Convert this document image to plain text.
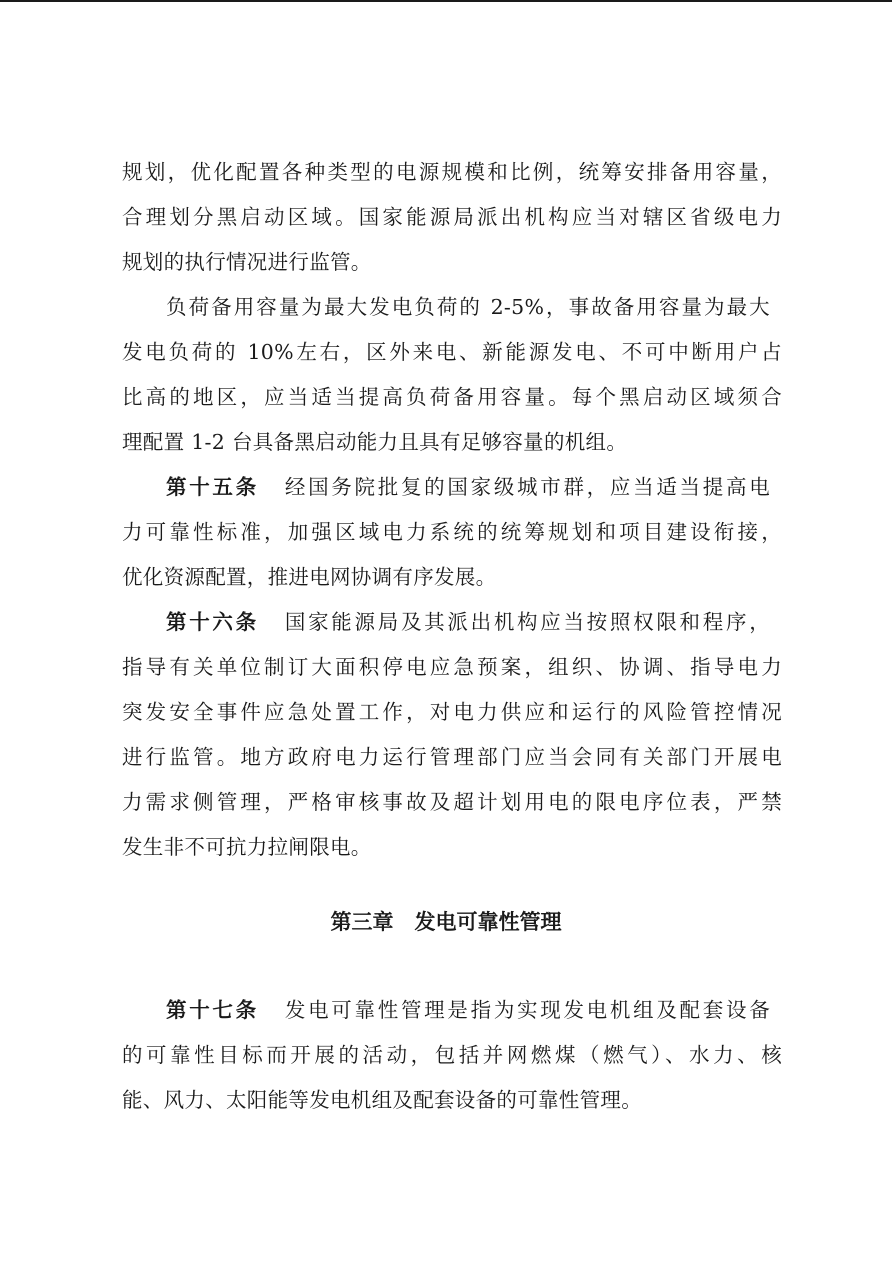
规划，优化配置各种类型的电源规模和比例，统筹安排备用容量，
合理划分黑启动区域。国家能源局派出机构应当对辖区省级电力
规划的执行情况进行监管。
负荷备用容量为最大发电负荷的 2-5%，事故备用容量为最大
发电负荷的 10%左右，区外来电、新能源发电、不可中断用户占
比高的地区，应当适当提高负荷备用容量。每个黑启动区域须合
理配置 1-2 台具备黑启动能力且具有足够容量的机组。
第十五条 经国务院批复的国家级城市群，应当适当提高电
力可靠性标准，加强区域电力系统的统筹规划和项目建设衔接，
优化资源配置，推进电网协调有序发展。
第十六条 国家能源局及其派出机构应当按照权限和程序，
指导有关单位制订大面积停电应急预案，组织、协调、指导电力
突发安全事件应急处置工作，对电力供应和运行的风险管控情况
进行监管。地方政府电力运行管理部门应当会同有关部门开展电
力需求侧管理，严格审核事故及超计划用电的限电序位表，严禁
发生非不可抗力拉闸限电。
第三章　发电可靠性管理
第十七条 发电可靠性管理是指为实现发电机组及配套设备
的可靠性目标而开展的活动，包括并网燃煤（燃气）、水力、核
能、风力、太阳能等发电机组及配套设备的可靠性管理。
